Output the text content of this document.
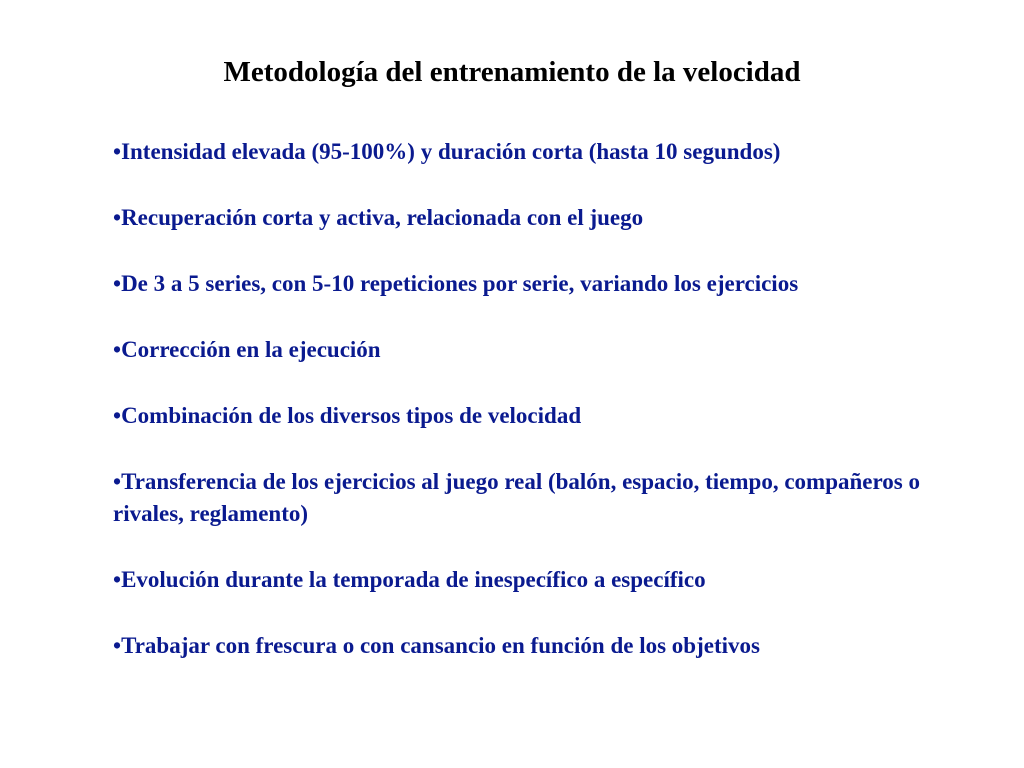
Metodología del entrenamiento de la velocidad
•Intensidad elevada (95-100%) y duración corta (hasta 10 segundos)
•Recuperación corta y activa, relacionada con el juego
•De 3 a 5 series, con 5-10 repeticiones por serie, variando los ejercicios
•Corrección en la ejecución
•Combinación de los diversos tipos de velocidad
•Transferencia de los ejercicios al juego real (balón, espacio, tiempo, compañeros o rivales, reglamento)
•Evolución durante la temporada de inespecífico a específico
•Trabajar con frescura o con cansancio en función de los objetivos
